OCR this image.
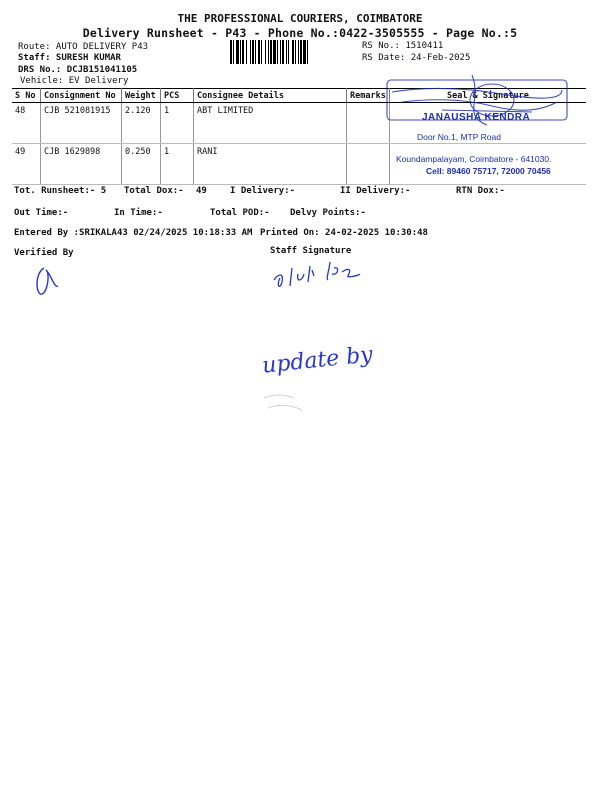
THE PROFESSIONAL COURIERS, COIMBATORE
Delivery Runsheet - P43 - Phone No.:0422-3505555 - Page No.:5
Route: AUTO DELIVERY P43
Staff: SURESH KUMAR
DRS No.: DCJB151041105
Vehicle: EV Delivery
RS No.: 1510411
RS Date: 24-Feb-2025
S No	Consignment No	Weight	PCS	Consignee Details	Remarks	Seal & Signature
48	CJB 521081915	2.120	1	ABT LIMITED		
49	CJB 1629898	0.250	1	RANI		
JANAUSHA KENDRA
Door No.1, MTP Road
Koundampalayam, Coimbatore - 641030.
Cell: 89460 75717, 72000 70456
Tot. Runsheet:- 5 Total Dox:- 49	I Delivery:-	II Delivery:-	RTN Dox:-
Out Time:-	In Time:-	Total POD:- Delvy Points:-
Entered By :SRIKALA43 02/24/2025 10:18:33 AM Printed On: 24-02-2025 10:30:48
Verified By	Staff Signature
update by
